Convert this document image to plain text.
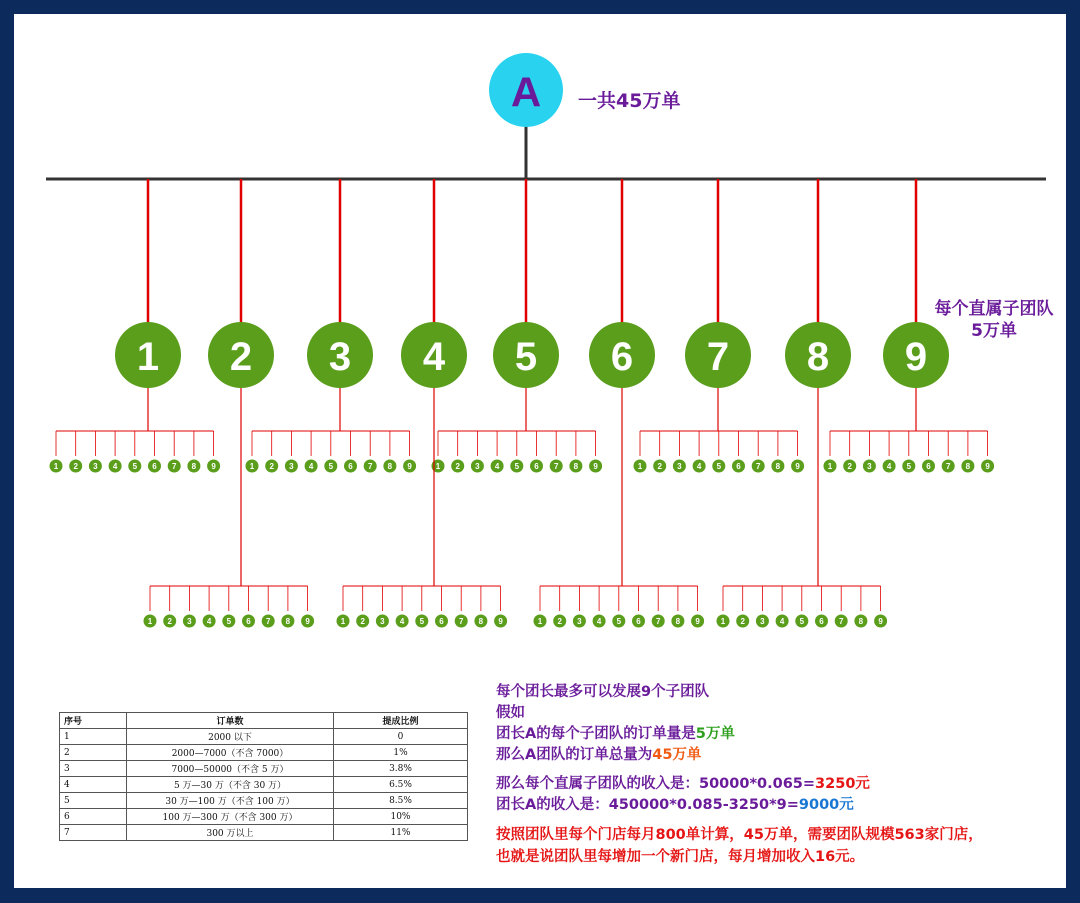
A
1 2 3 4 5 6 7 8 9	1 2 3 4 5 6 7 8 9	1 2 3 4 5 6 7 8 9	1 2 3 4 5 6 7 8 9	1 2 3 4 5 6 7 8 9
1 2 3 4 5 6 7 8 9	1 2 3 4 5 6 7 8 9	1 2 3 4 5 6 7 8 9	1 2 3 4 5 6 7 8 9
1 2 3 4 5 6 7 8 9
一共45万单
每个直属子团队
5万单
序号	订单数	提成比例
1	2000 以下	0
2	2000—7000（不含 7000）	1%
3	7000—50000（不含 5 万）	3.8%
4	5 万—30 万（不含 30 万）	6.5%
5	30 万—100 万（不含 100 万）	8.5%
6	100 万—300 万（不含 300 万）	10%
7	300 万以上	11%
每个团长最多可以发展9个子团队
假如
团长A的每个子团队的订单量是5万单
那么A团队的订单总量为45万单
那么每个直属子团队的收入是：50000*0.065=3250元
团长A的收入是：450000*0.085-3250*9=9000元
按照团队里每个门店每月800单计算，45万单，需要团队规模563家门店，
也就是说团队里每增加一个新门店，每月增加收入16元。
